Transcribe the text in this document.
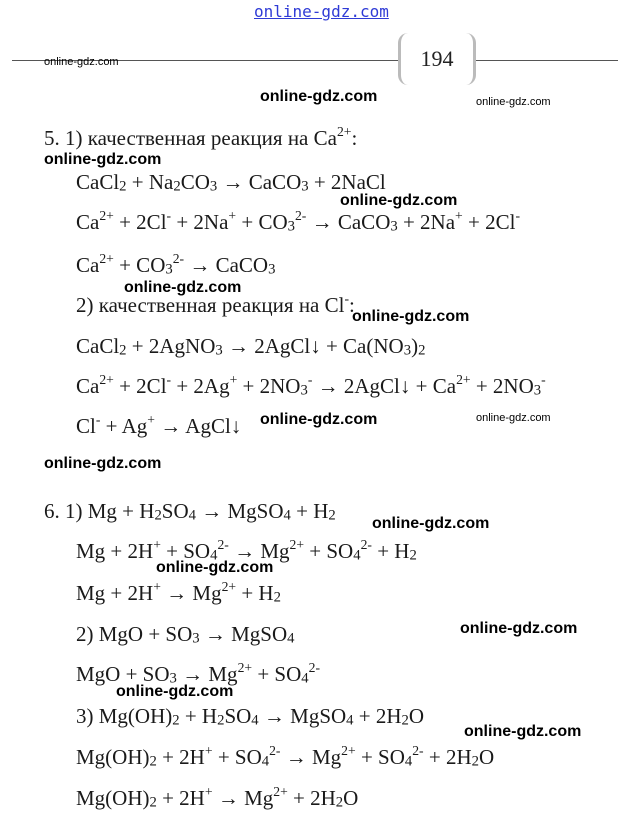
online-gdz.com
194
online-gdz.com
online-gdz.com	online-gdz.com
online-gdz.com
online-gdz.com
online-gdz.com
online-gdz.com
online-gdz.com	online-gdz.com
online-gdz.com
online-gdz.com
online-gdz.com
online-gdz.com
online-gdz.com
online-gdz.com
5. 1) качественная реакция на $Ca^{2+}$:
CaCl$_2$ + $Na_2CO_3$ → CaCO$_3$ + 2NaCl
$Ca^{2+} + 2Cl^- + 2Na^+ + CO_3^{2-}$ → CaCO$_3$ + 2Na+ + 2Cl-
$Ca^{2+} + CO_3^{2-}$ → CaCO$_3$
2) качественная реакция на Cl-:
CaCl$_2$ + 2AgNO$_3$ → 2AgCl↓ + $Ca(NO_3)_2$
$Ca^{2+} + 2Cl^- + 2Ag^+ + 2NO_3^-$ → 2AgCl↓ + $Ca^{2+} + 2NO_3^-$
Cl- + Ag+ → AgCl↓
6. 1) $Mg + H_2SO_4$ → MgSO$_4$ + $H_2$
$Mg + 2H^+ + SO_4^{2-} \to Mg^{2+} + SO_4^{2-} + H_2$
$Mg + 2H^+ \to Mg^{2+} + H_2$
2) MgO + $SO_3$ → MgSO$_4$
MgO + $SO_3 \to Mg^{2+} + SO_4^{2-}$
3) $Mg(OH)_2 + H_2SO_4$ → MgSO$_4$ + $2H_2O$
$Mg(OH)_2 + 2H^+ + SO_4^{2-} \to Mg^{2+} + SO_4^{2-} + 2H_2O$
$Mg(OH)_2 + 2H^+ \to Mg^{2+} + 2H_2O$
